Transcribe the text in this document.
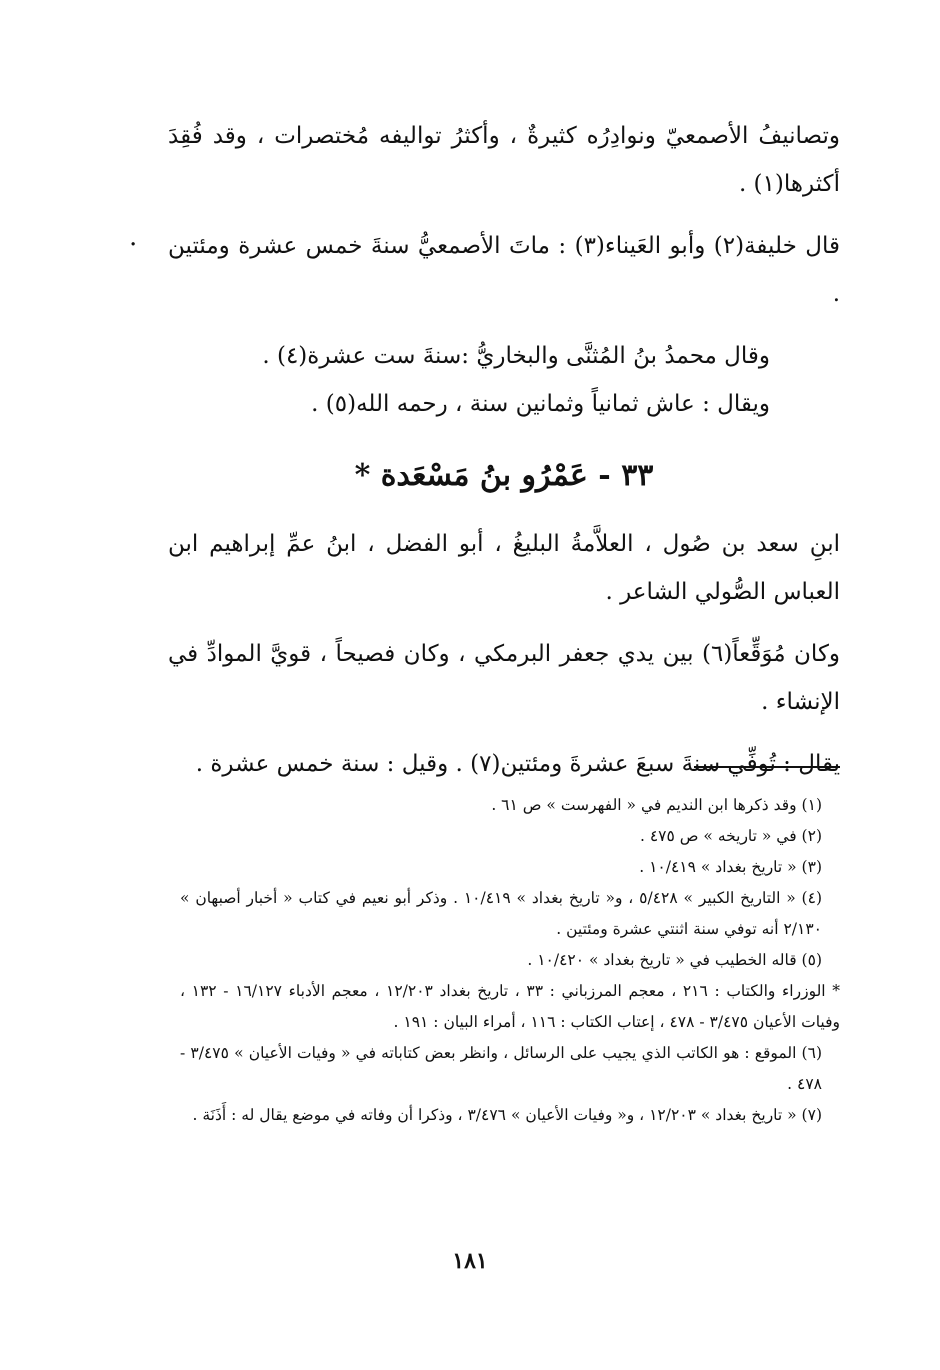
وتصانيفُ الأصمعيّ ونوادِرُه كثيرةٌ ، وأكثرُ تواليفه مُختصرات ، وقد فُقِدَ أكثرها(١) .

قال خليفة(٢) وأبو العَيناء(٣) : ماتَ الأصمعيُّ سنةَ خمس عشرة ومئتين .

وقال محمدُ بنُ المُثنَّى والبخاريُّ :سنةَ ست عشرة(٤) .

ويقال : عاش ثمانياً وثمانين سنة ، رحمه الله(٥) .

٣٣ - عَمْرُو بنُ مَسْعَدة *

ابنِ سعد بن صُول ، العلاَّمةُ البليغُ ، أبو الفضل ، ابنُ عمِّ إبراهيم ابن العباس الصُّولي الشاعر .

وكان مُوَقِّعاً(٦) بين يدي جعفر البرمكي ، وكان فصيحاً ، قويَّ الموادِّ في الإنشاء .

يقال : تُوفِّي سنةَ سبعَ عشرةَ ومئتين(٧) . وقيل : سنة خمس عشرة .

.

(١) وقد ذكرها ابن النديم في « الفهرست » ص ٦١ .

(٢) في « تاريخه » ص ٤٧٥ .

(٣) « تاريخ بغداد » ١٠/٤١٩ .

(٤) « التاريخ الكبير » ٥/٤٢٨ ، و« تاريخ بغداد » ١٠/٤١٩ . وذكر أبو نعيم في كتاب « أخبار أصبهان » ٢/١٣٠ أنه توفي سنة اثنتي عشرة ومئتين .

(٥) قاله الخطيب في « تاريخ بغداد » ١٠/٤٢٠ .

* الوزراء والكتاب : ٢١٦ ، معجم المرزباني : ٣٣ ، تاريخ بغداد ١٢/٢٠٣ ، معجم الأدباء ١٦/١٢٧ - ١٣٢ ، وفيات الأعيان ٣/٤٧٥ - ٤٧٨ ، إعتاب الكتاب : ١١٦ ، أمراء البيان : ١٩١ .

(٦) الموقع : هو الكاتب الذي يجيب على الرسائل ، وانظر بعض كتاباته في « وفيات الأعيان » ٣/٤٧٥ - ٤٧٨ .

(٧) « تاريخ بغداد » ١٢/٢٠٣ ، و« وفيات الأعيان » ٣/٤٧٦ ، وذكرا أن وفاته في موضع يقال له : أَذَنَة .

١٨١
